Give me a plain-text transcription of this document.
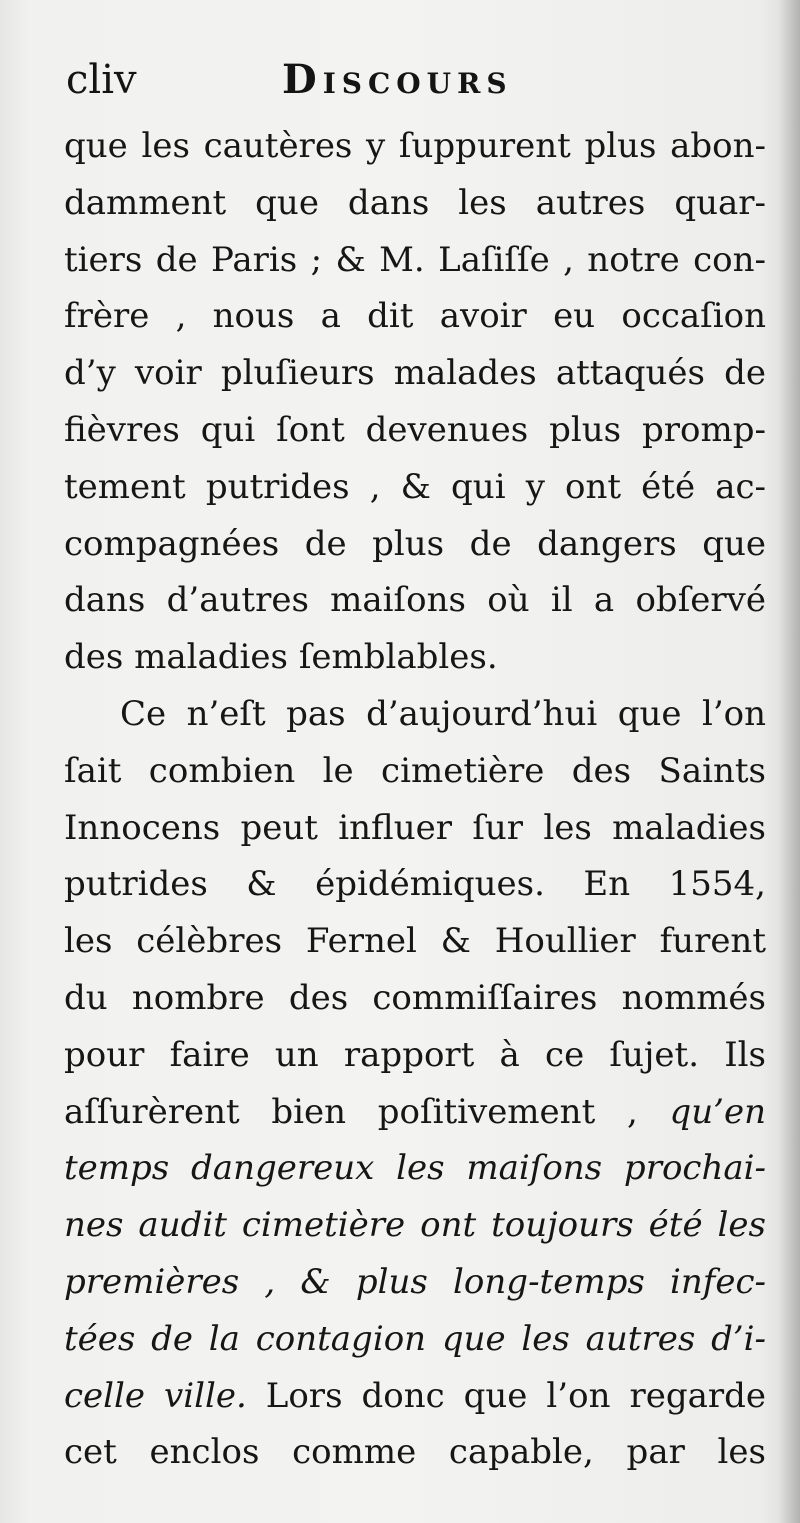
cliv	Discours
que les cautères y ſuppurent plus abon-
damment que dans les autres quar-
tiers de Paris ; & M. Laſiſſe , notre con-
frère , nous a dit avoir eu occaſion
d’y voir pluſieurs malades attaqués de
fièvres qui ſont devenues plus promp-
tement putrides , & qui y ont été ac-
compagnées de plus de dangers que
dans d’autres maiſons où il a obſervé
des maladies ſemblables.
Ce n’eſt pas d’aujourd’hui que l’on
ſait combien le cimetière des Saints
Innocens peut influer ſur les maladies
putrides & épidémiques. En 1554,
les célèbres Fernel & Houllier furent
du nombre des commiſſaires nommés
pour faire un rapport à ce ſujet. Ils
aſſurèrent bien poſitivement , qu’en
temps dangereux les maiſons prochai-
nes audit cimetière ont toujours été les
premières , & plus long-temps infec-
tées de la contagion que les autres d’i-
celle ville. Lors donc que l’on regarde
cet enclos comme capable, par les
